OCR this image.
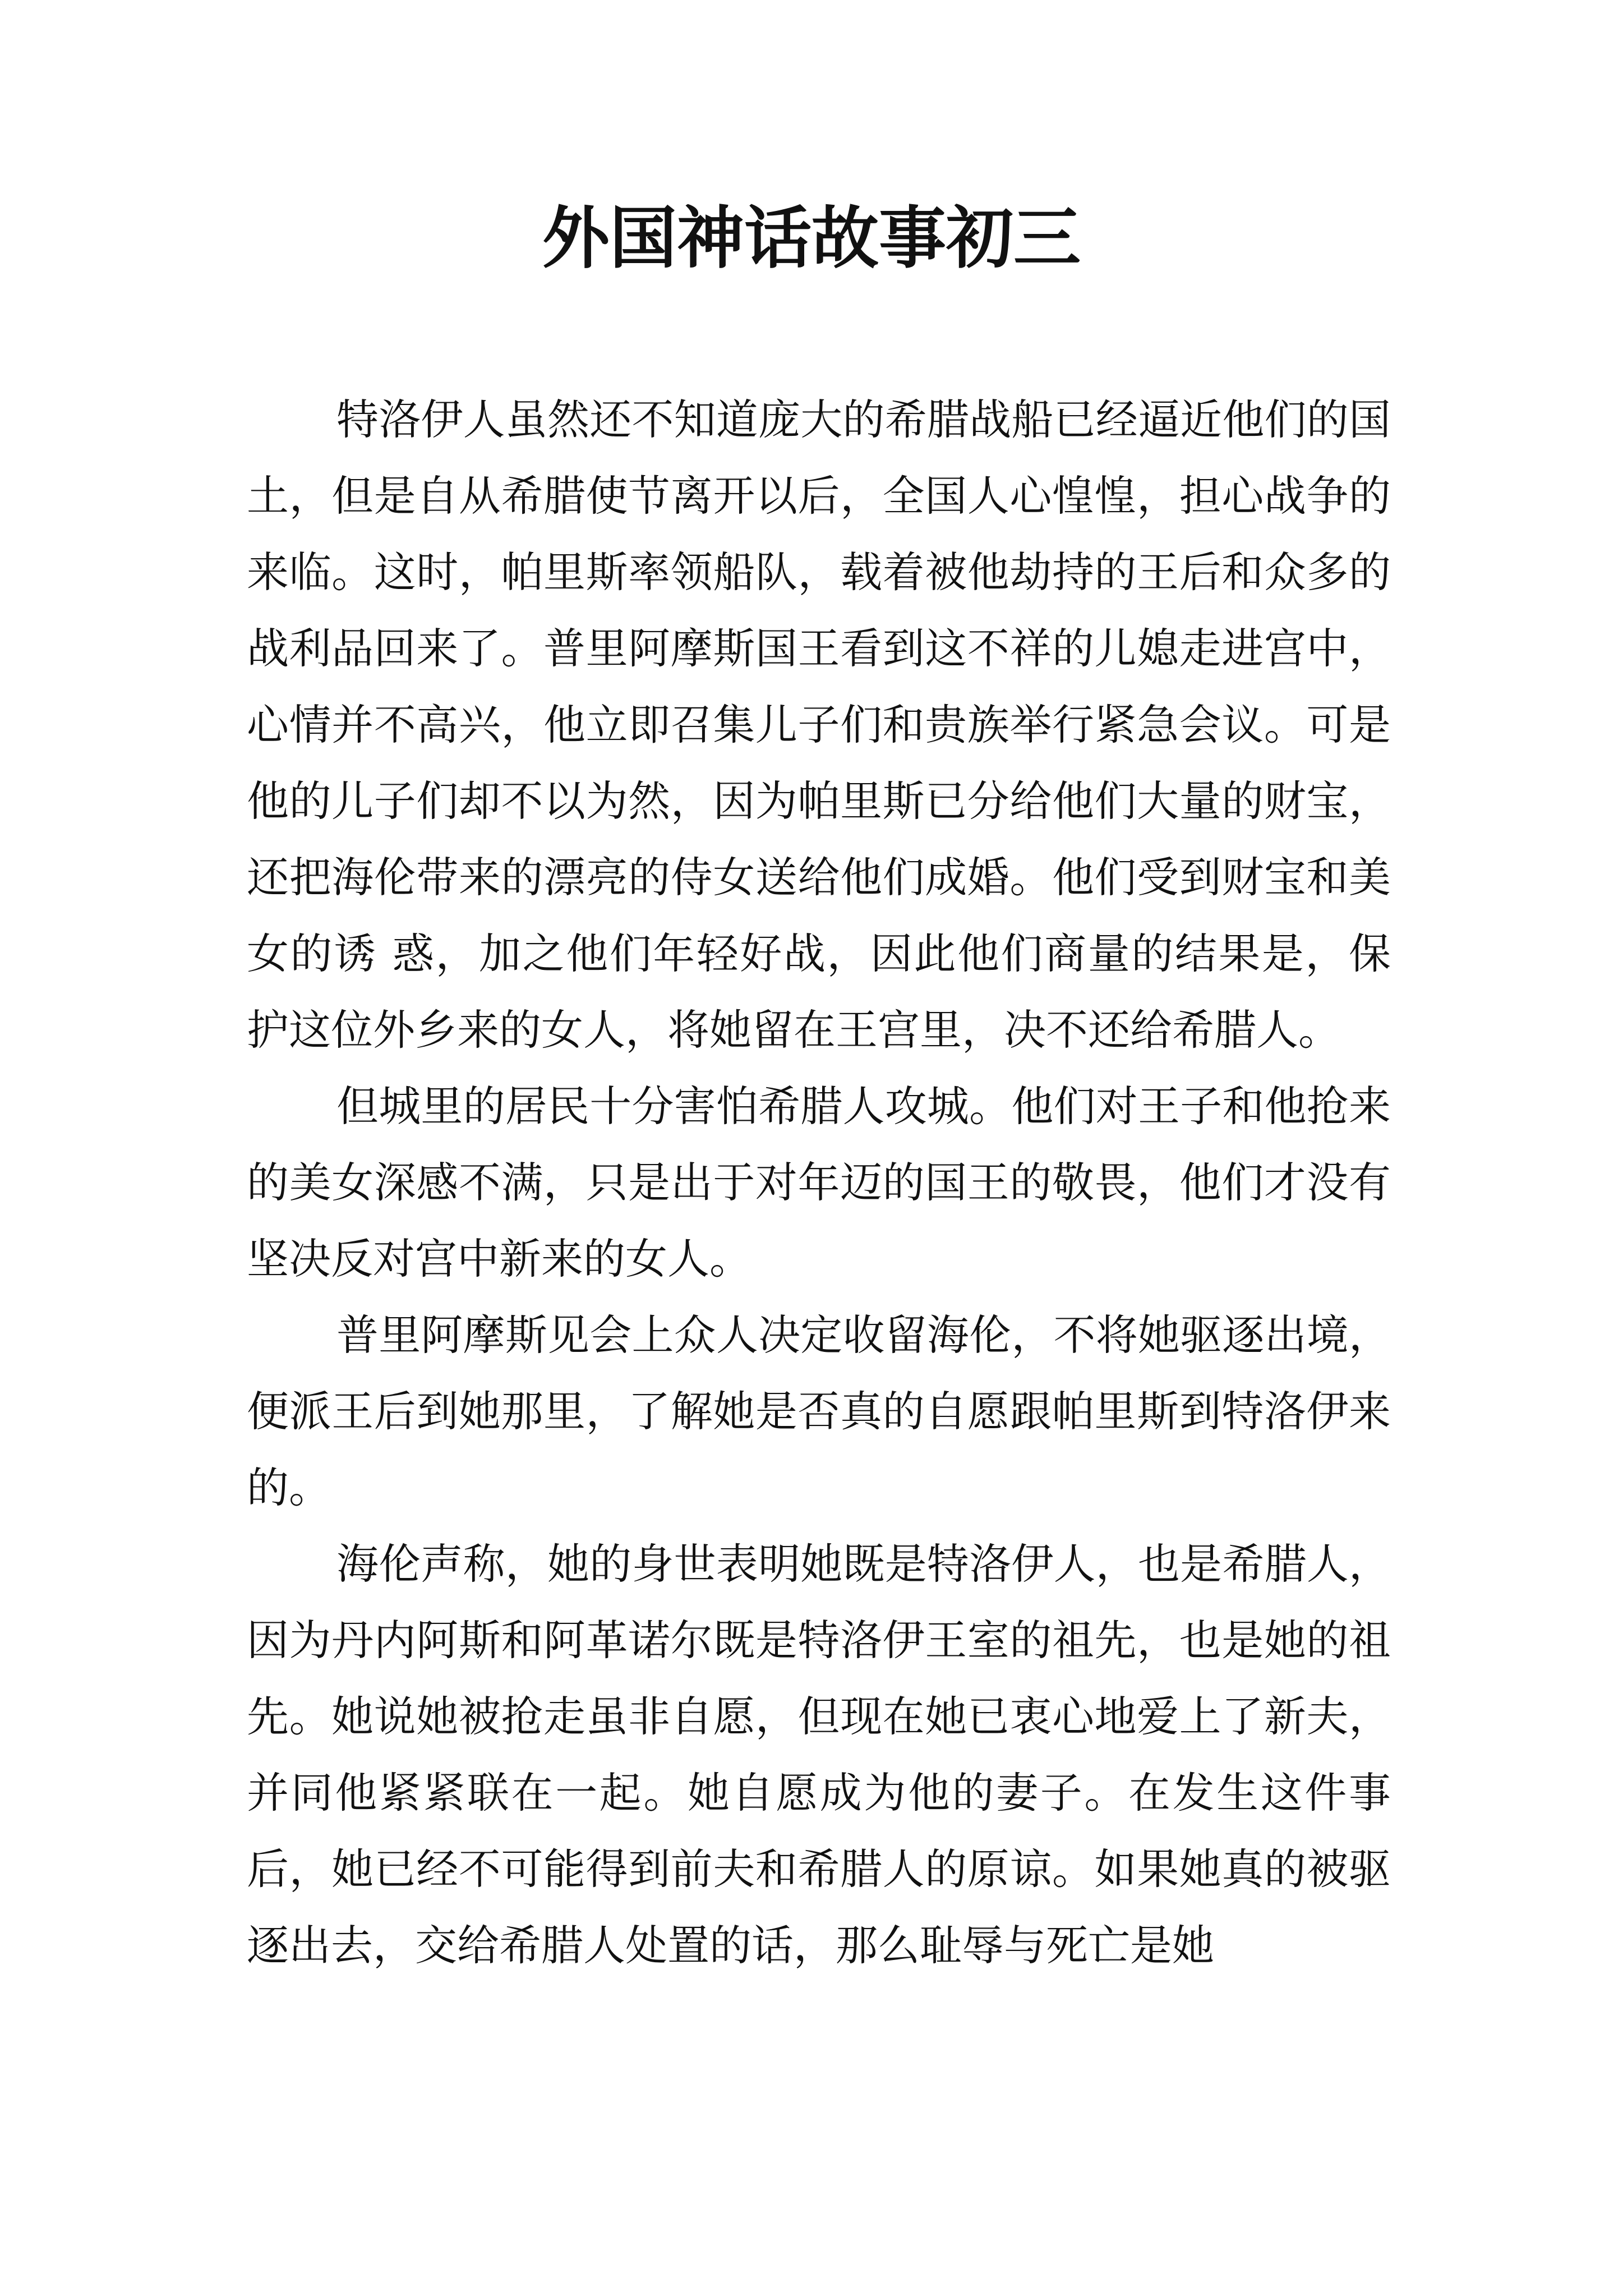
外国神话故事初三

特洛伊人虽然还不知道庞大的希腊战船已经逼近他们的国土，但是自从希腊使节离开以后，全国人心惶惶，担心战争的来临。这时，帕里斯率领船队，载着被他劫持的王后和众多的战利品回来了。普里阿摩斯国王看到这不祥的儿媳走进宫中，心情并不高兴，他立即召集儿子们和贵族举行紧急会议。可是他的儿子们却不以为然，因为帕里斯已分给他们大量的财宝，还把海伦带来的漂亮的侍女送给他们成婚。他们受到财宝和美女的诱 惑，加之他们年轻好战，因此他们商量的结果是，保护这位外乡来的女人，将她留在王宫里，决不还给希腊人。

但城里的居民十分害怕希腊人攻城。他们对王子和他抢来的美女深感不满，只是出于对年迈的国王的敬畏，他们才没有坚决反对宫中新来的女人。

普里阿摩斯见会上众人决定收留海伦，不将她驱逐出境，便派王后到她那里，了解她是否真的自愿跟帕里斯到特洛伊来的。

海伦声称，她的身世表明她既是特洛伊人，也是希腊人，因为丹内阿斯和阿革诺尔既是特洛伊王室的祖先，也是她的祖先。她说她被抢走虽非自愿，但现在她已衷心地爱上了新夫，并同他紧紧联在一起。她自愿成为他的妻子。在发生这件事后，她已经不可能得到前夫和希腊人的原谅。如果她真的被驱逐出去，交给希腊人处置的话，那么耻辱与死亡是她
